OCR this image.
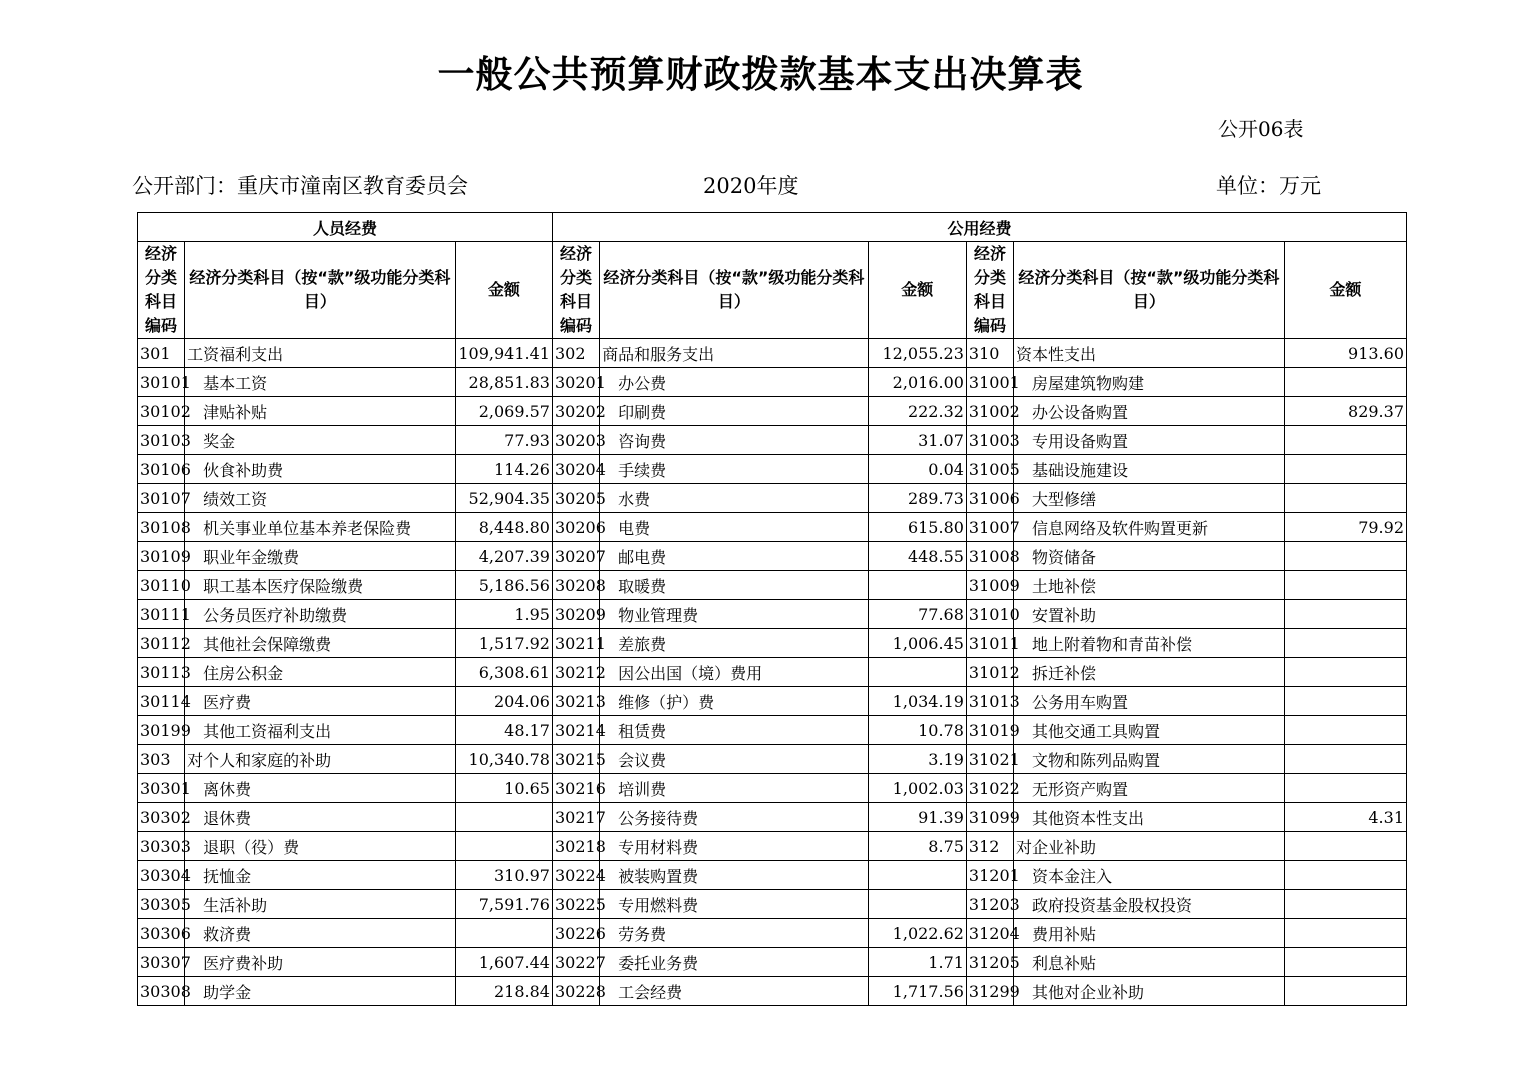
一般公共预算财政拨款基本支出决算表
公开06表
公开部门：重庆市潼南区教育委员会	2020年度	单位：万元
人员经费			公用经费					
经济分类科目编码	经济分类科目（按“款”级功能分类科目）	金额	经济分类科目编码	经济分类科目（按“款”级功能分类科目）	金额	经济分类科目编码	经济分类科目（按“款”级功能分类科目）	金额
301	工资福利支出	109,941.41	302	商品和服务支出	12,055.23	310	资本性支出	913.60
30101	基本工资	28,851.83	30201	办公费	2,016.00	31001	房屋建筑物购建	
30102	津贴补贴	2,069.57	30202	印刷费	222.32	31002	办公设备购置	829.37
30103	奖金	77.93	30203	咨询费	31.07	31003	专用设备购置	
30106	伙食补助费	114.26	30204	手续费	0.04	31005	基础设施建设	
30107	绩效工资	52,904.35	30205	水费	289.73	31006	大型修缮	
30108	机关事业单位基本养老保险费	8,448.80	30206	电费	615.80	31007	信息网络及软件购置更新	79.92
30109	职业年金缴费	4,207.39	30207	邮电费	448.55	31008	物资储备	
30110	职工基本医疗保险缴费	5,186.56	30208	取暖费		31009	土地补偿	
30111	公务员医疗补助缴费	1.95	30209	物业管理费	77.68	31010	安置补助	
30112	其他社会保障缴费	1,517.92	30211	差旅费	1,006.45	31011	地上附着物和青苗补偿	
30113	住房公积金	6,308.61	30212	因公出国（境）费用		31012	拆迁补偿	
30114	医疗费	204.06	30213	维修（护）费	1,034.19	31013	公务用车购置	
30199	其他工资福利支出	48.17	30214	租赁费	10.78	31019	其他交通工具购置	
303	对个人和家庭的补助	10,340.78	30215	会议费	3.19	31021	文物和陈列品购置	
30301	离休费	10.65	30216	培训费	1,002.03	31022	无形资产购置	
30302	退休费		30217	公务接待费	91.39	31099	其他资本性支出	4.31
30303	退职（役）费		30218	专用材料费	8.75	312	对企业补助	
30304	抚恤金	310.97	30224	被装购置费		31201	资本金注入	
30305	生活补助	7,591.76	30225	专用燃料费		31203	政府投资基金股权投资	
30306	救济费		30226	劳务费	1,022.62	31204	费用补贴	
30307	医疗费补助	1,607.44	30227	委托业务费	1.71	31205	利息补贴	
30308	助学金	218.84	30228	工会经费	1,717.56	31299	其他对企业补助	
